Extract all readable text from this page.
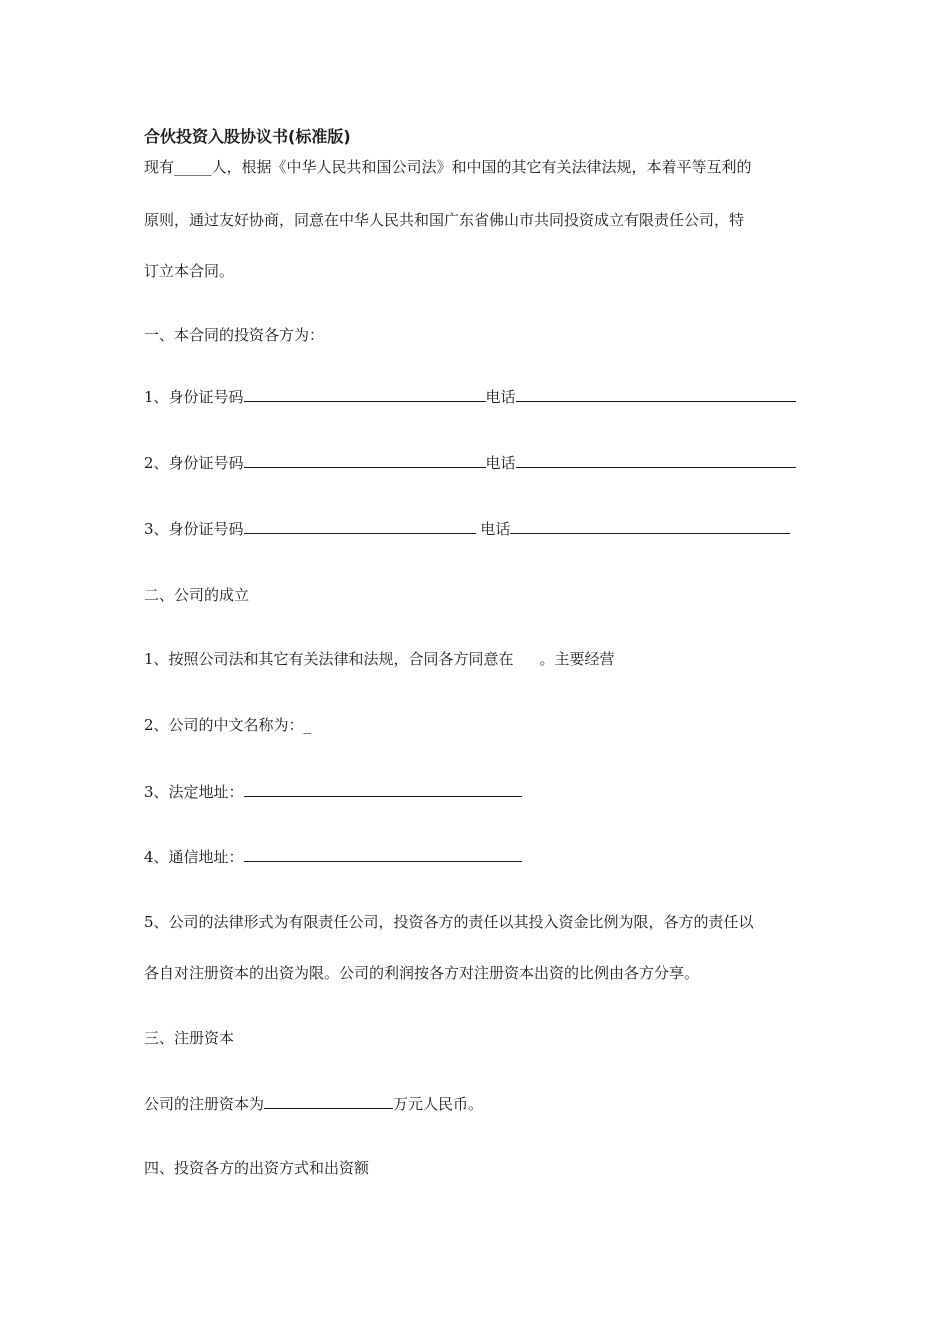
合伙投资入股协议书(标准版)

现有_____人，根据《中华人民共和国公司法》和中国的其它有关法律法规，本着平等互利的

原则，通过友好协商，同意在中华人民共和国广东省佛山市共同投资成立有限责任公司，特

订立本合同。

一、本合同的投资各方为：

1、身份证号码	电话
2、身份证号码	电话
3、身份证号码	电话

二、公司的成立

1、按照公司法和其它有关法律和法规，合同各方同意在 。主要经营

2、公司的中文名称为：_

3、法定地址：
4、通信地址：

5、公司的法律形式为有限责任公司，投资各方的责任以其投入资金比例为限，各方的责任以

各自对注册资本的出资为限。公司的利润按各方对注册资本出资的比例由各方分享。

三、注册资本

公司的注册资本为	万元人民币。

四、投资各方的出资方式和出资额
